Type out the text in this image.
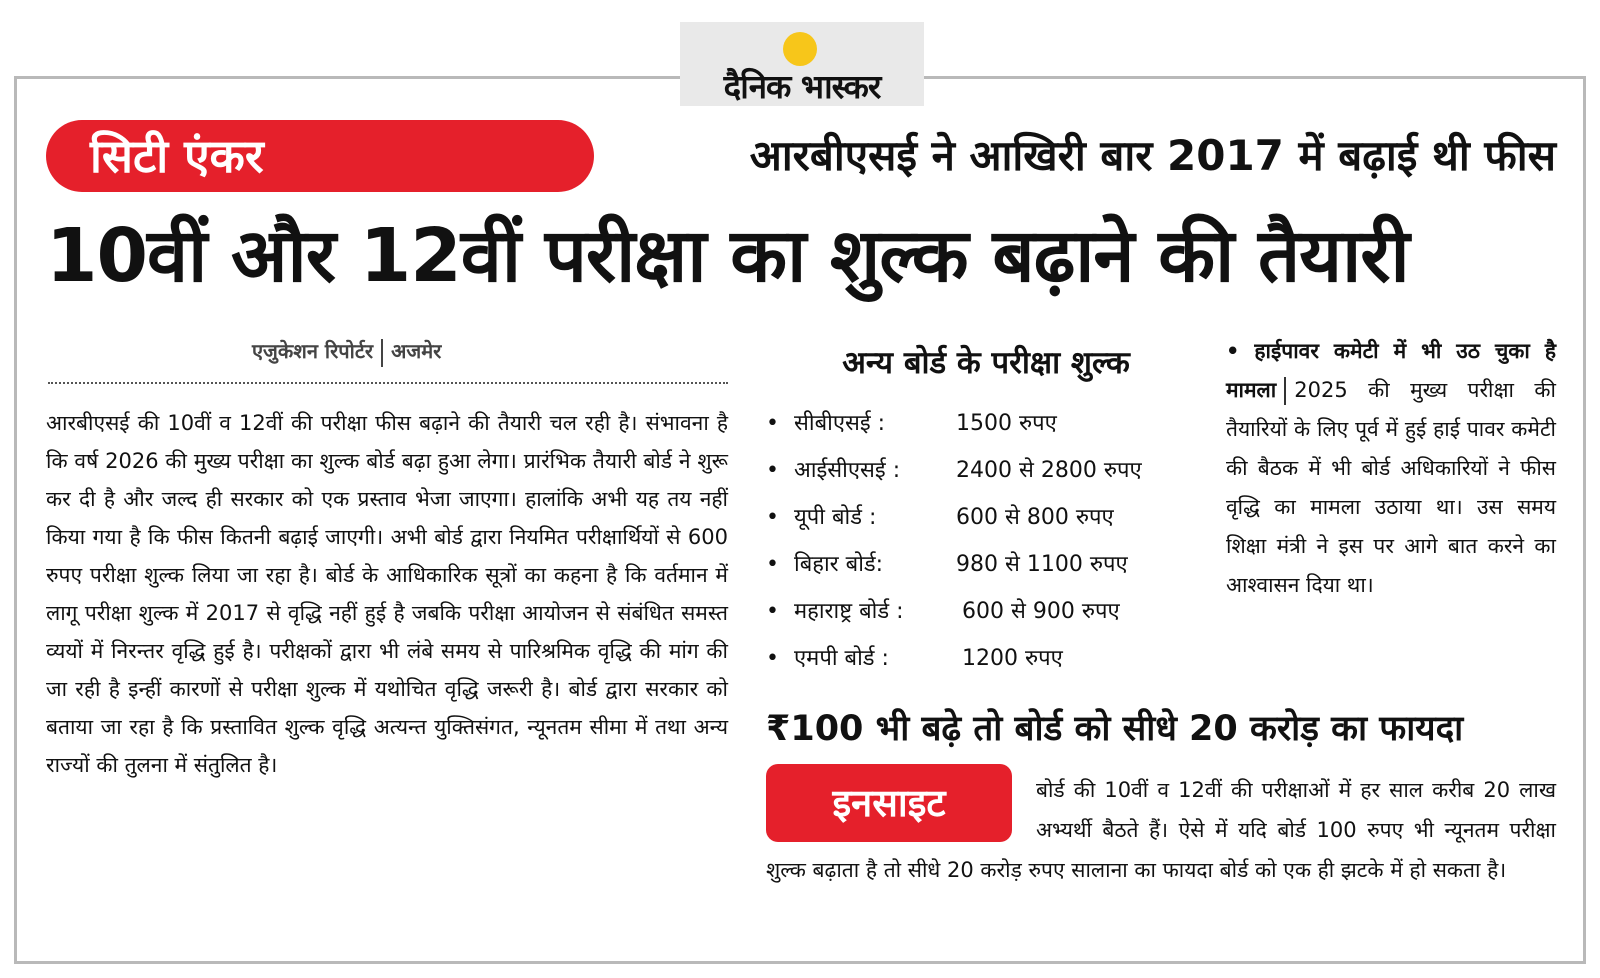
दैनिक भास्कर
सिटी एंकर	आरबीएसई ने आखिरी बार 2017 में बढ़ाई थी फीस
10वीं और 12वीं परीक्षा का शुल्क बढ़ाने की तैयारी
एजुकेशन रिपोर्टर अजमेर
आरबीएसई की 10वीं व 12वीं की परीक्षा फीस बढ़ाने की तैयारी चल रही है। संभावना है कि वर्ष 2026 की मुख्य परीक्षा का शुल्क बोर्ड बढ़ा हुआ लेगा। प्रारंभिक तैयारी बोर्ड ने शुरू कर दी है और जल्द ही सरकार को एक प्रस्ताव भेजा जाएगा। हालांकि अभी यह तय नहीं किया गया है कि फीस कितनी बढ़ाई जाएगी। अभी बोर्ड द्वारा नियमित परीक्षार्थियों से 600 रुपए परीक्षा शुल्क लिया जा रहा है। बोर्ड के आधिकारिक सूत्रों का कहना है कि वर्तमान में लागू परीक्षा शुल्क में 2017 से वृद्धि नहीं हुई है जबकि परीक्षा आयोजन से संबंधित समस्त व्ययों में निरन्तर वृद्धि हुई है। परीक्षकों द्वारा भी लंबे समय से पारिश्रमिक वृद्धि की मांग की जा रही है इन्हीं कारणों से परीक्षा शुल्क में यथोचित वृद्धि जरूरी है। बोर्ड द्वारा सरकार को बताया जा रहा है कि प्रस्तावित शुल्क वृद्धि अत्यन्त युक्तिसंगत, न्यूनतम सीमा में तथा अन्य राज्यों की तुलना में संतुलित है।
अन्य बोर्ड के परीक्षा शुल्क
• सीबीएसई :	1500 रुपए
• आईसीएसई :	2400 से 2800 रुपए
• यूपी बोर्ड :	600 से 800 रुपए
• बिहार बोर्ड:	980 से 1100 रुपए
• महाराष्ट्र बोर्ड :	600 से 900 रुपए
• एमपी बोर्ड :	1200 रुपए
• हाईपावर कमेटी में भी उठ चुका है मामला 2025 की मुख्य परीक्षा की तैयारियों के लिए पूर्व में हुई हाई पावर कमेटी की बैठक में भी बोर्ड अधिकारियों ने फीस वृद्धि का मामला उठाया था। उस समय शिक्षा मंत्री ने इस पर आगे बात करने का आश्वासन दिया था।
₹100 भी बढ़े तो बोर्ड को सीधे 20 करोड़ का फायदा
इनसाइट	बोर्ड की 10वीं व 12वीं की परीक्षाओं में हर साल करीब 20 लाख अभ्यर्थी बैठते हैं। ऐसे में यदि बोर्ड 100 रुपए भी न्यूनतम परीक्षा शुल्क बढ़ाता है तो सीधे 20 करोड़ रुपए सालाना का फायदा बोर्ड को एक ही झटके में हो सकता है।
